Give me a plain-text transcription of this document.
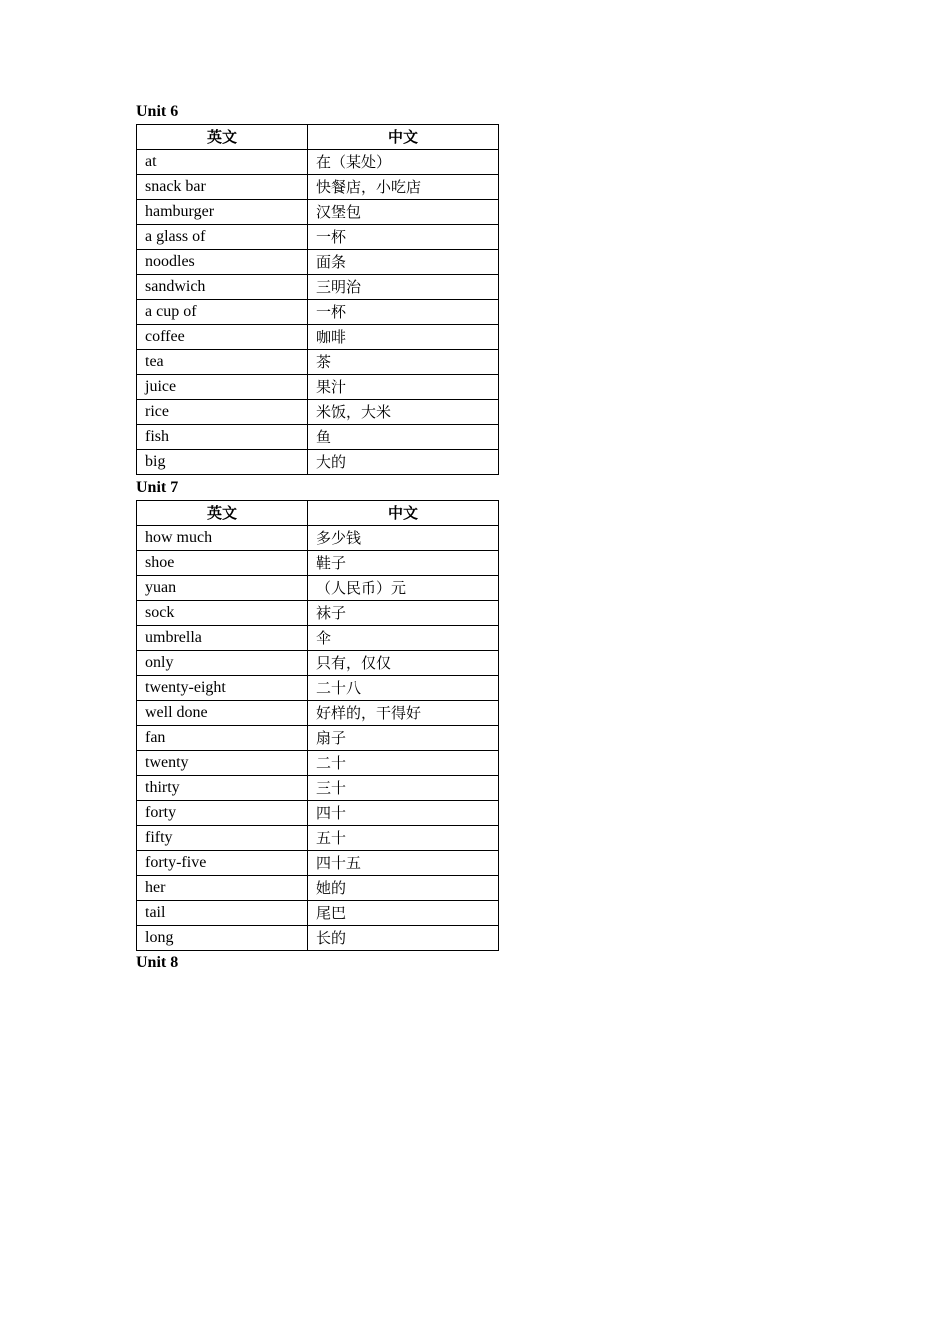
Unit 6
英文	中文
at	在（某处）
snack bar	快餐店，小吃店
hamburger	汉堡包
a glass of	一杯
noodles	面条
sandwich	三明治
a cup of	一杯
coffee	咖啡
tea	茶
juice	果汁
rice	米饭，大米
fish	鱼
big	大的
Unit 7
英文	中文
how much	多少钱
shoe	鞋子
yuan	（人民币）元
sock	袜子
umbrella	伞
only	只有，仅仅
twenty-eight	二十八
well done	好样的，干得好
fan	扇子
twenty	二十
thirty	三十
forty	四十
fifty	五十
forty-five	四十五
her	她的
tail	尾巴
long	长的
Unit 8
